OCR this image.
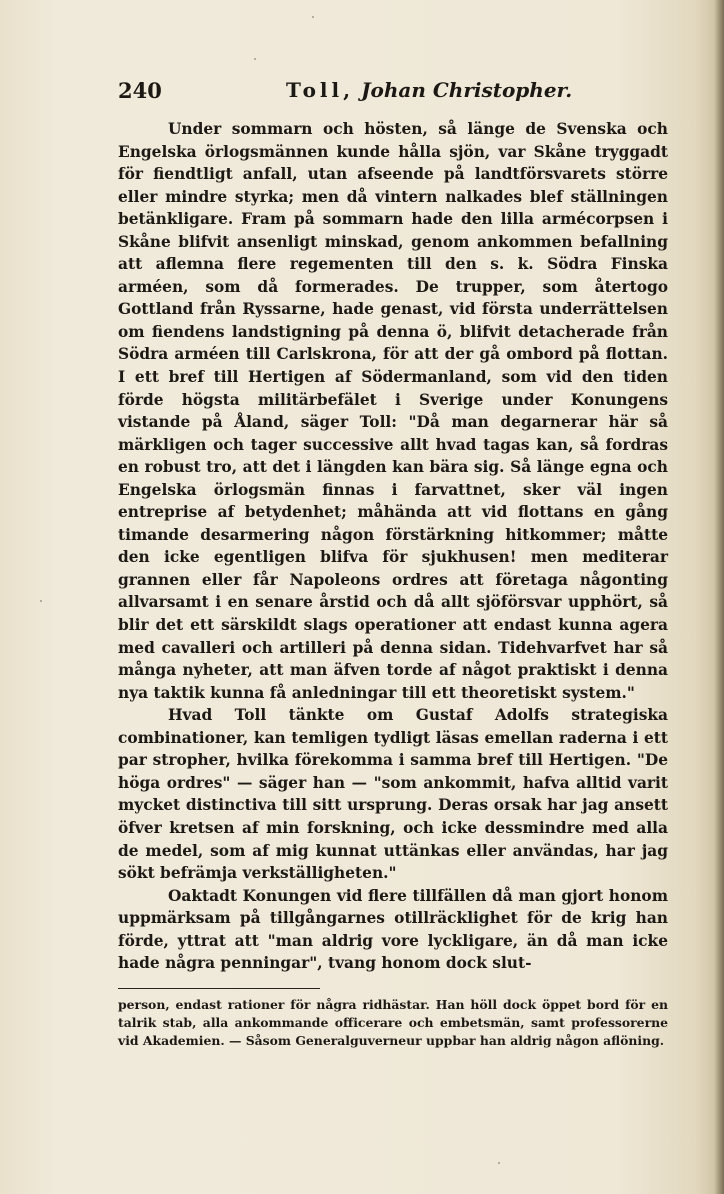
240	Toll, Johan Christopher.

Under sommarn och hösten, så länge de Svenska och Engelska örlogsmännen kunde hålla sjön, var Skåne tryggadt för fiendtligt anfall, utan afseende på landtförsvarets större eller mindre styrka; men då vintern nalkades blef ställningen betänkligare. Fram på sommarn hade den lilla armécorpsen i Skåne blifvit ansenligt minskad, genom ankommen befallning att aflemna flere regementen till den s. k. Södra Finska arméen, som då formerades. De trupper, som återtogo Gottland från Ryssarne, hade genast, vid första underrättelsen om fiendens landstigning på denna ö, blifvit detacherade från Södra arméen till Carlskrona, för att der gå ombord på flottan. I ett bref till Hertigen af Södermanland, som vid den tiden förde högsta militärbefälet i Sverige under Konungens vistande på Åland, säger Toll: "Då man degarnerar här så märkligen och tager successive allt hvad tagas kan, så fordras en robust tro, att det i längden kan bära sig. Så länge egna och Engelska örlogsmän finnas i farvattnet, sker väl ingen entreprise af betydenhet; måhända att vid flottans en gång timande desarmering någon förstärkning hitkommer; måtte den icke egentligen blifva för sjukhusen! men mediterar grannen eller får Napoleons ordres att företaga någonting allvarsamt i en senare årstid och då allt sjöförsvar upphört, så blir det ett särskildt slags operationer att endast kunna agera med cavalleri och artilleri på denna sidan. Tidehvarfvet har så många nyheter, att man äfven torde af något praktiskt i denna nya taktik kunna få anledningar till ett theoretiskt system."

Hvad Toll tänkte om Gustaf Adolfs strategiska combinationer, kan temligen tydligt läsas emellan raderna i ett par stropher, hvilka förekomma i samma bref till Hertigen. "De höga ordres" — säger han — "som ankommit, hafva alltid varit mycket distinctiva till sitt ursprung. Deras orsak har jag ansett öfver kretsen af min forskning, och icke dessmindre med alla de medel, som af mig kunnat uttänkas eller användas, har jag sökt befrämja verkställigheten."

Oaktadt Konungen vid flere tillfällen då man gjort honom uppmärksam på tillgångarnes otillräcklighet för de krig han förde, yttrat att "man aldrig vore lyckligare, än då man icke hade några penningar", tvang honom dock slut-

person, endast rationer för några ridhästar. Han höll dock öppet bord för en talrik stab, alla ankommande officerare och embetsmän, samt professorerne vid Akademien. — Såsom Generalguverneur uppbar han aldrig någon aflöning.
